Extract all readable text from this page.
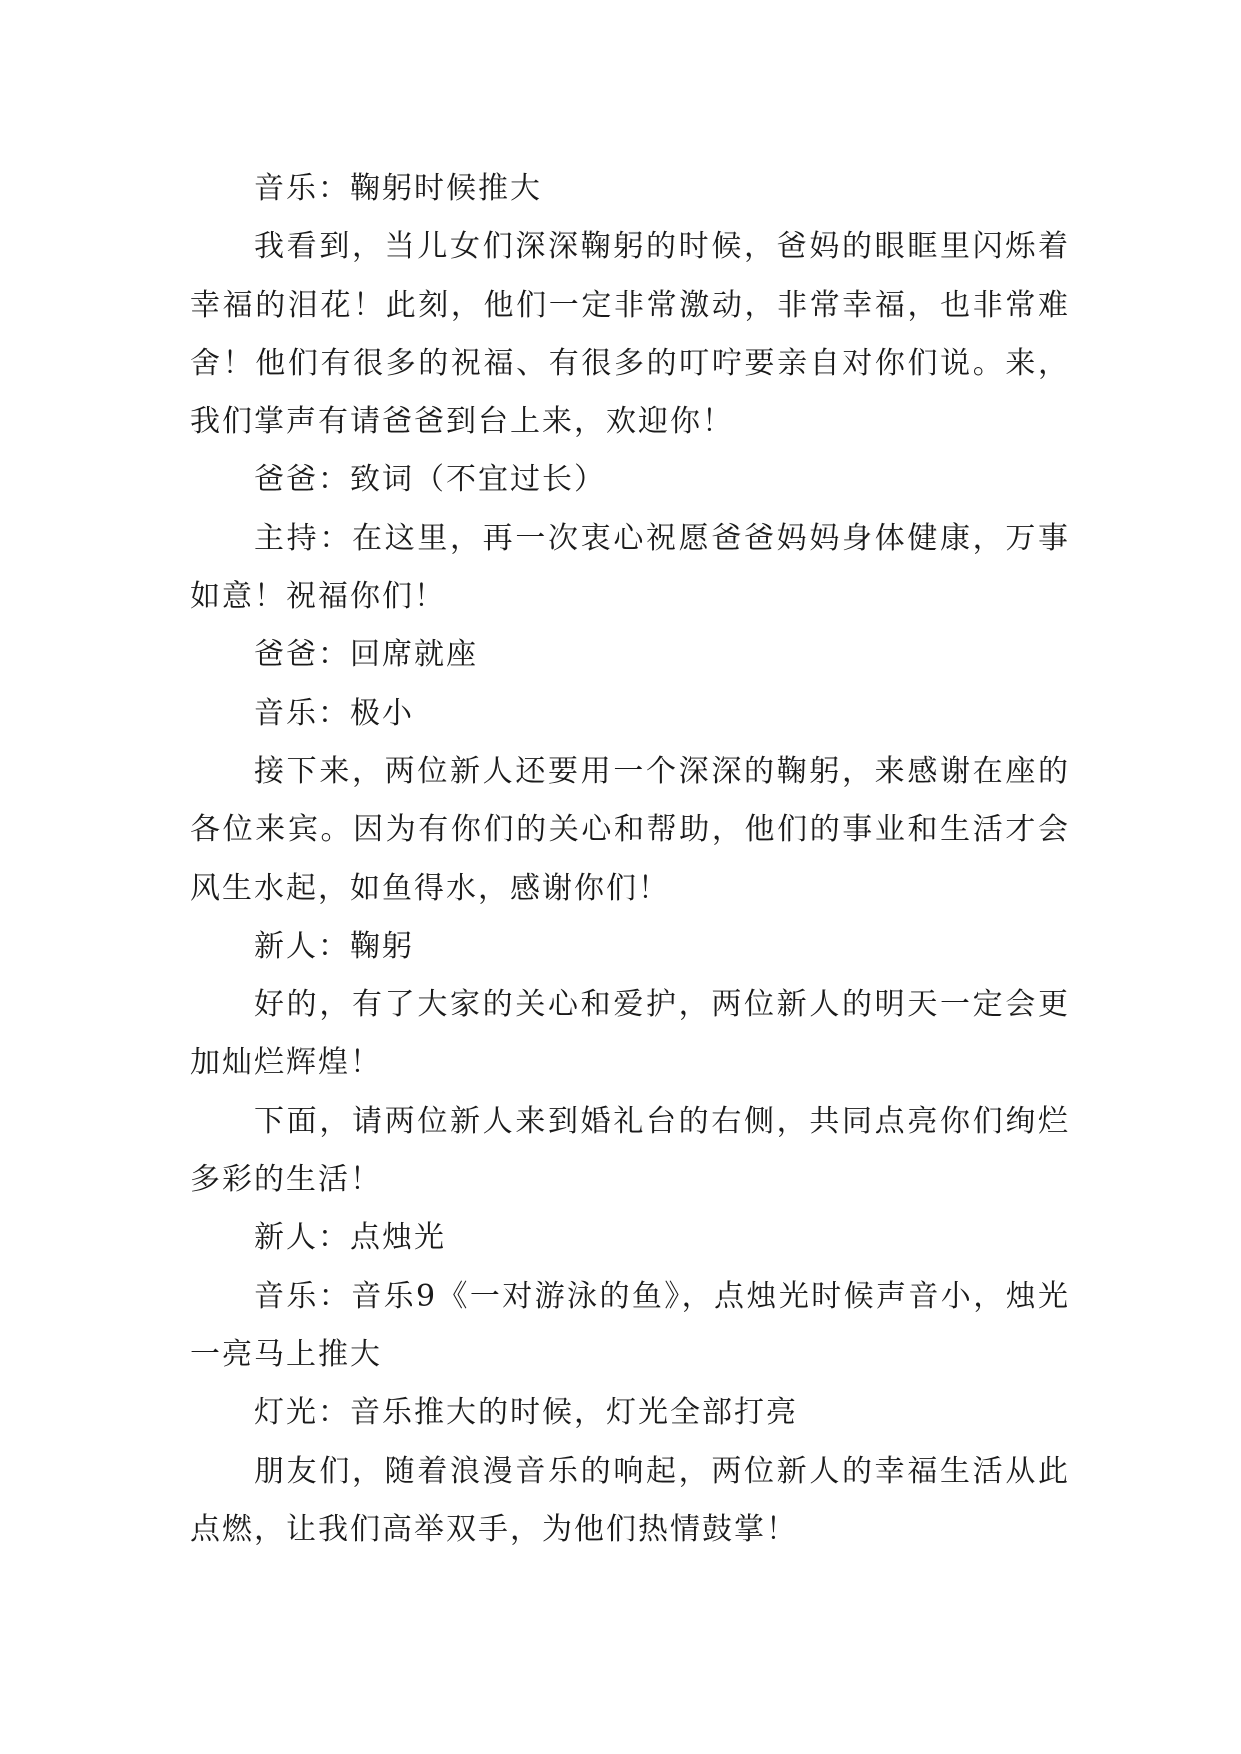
音乐：鞠躬时候推大

我看到，当儿女们深深鞠躬的时候，爸妈的眼眶里闪烁着幸福的泪花！此刻，他们一定非常激动，非常幸福，也非常难舍！他们有很多的祝福、有很多的叮咛要亲自对你们说。来，我们掌声有请爸爸到台上来，欢迎你！

爸爸：致词（不宜过长）

主持：在这里，再一次衷心祝愿爸爸妈妈身体健康，万事如意！祝福你们！

爸爸：回席就座

音乐：极小

接下来，两位新人还要用一个深深的鞠躬，来感谢在座的各位来宾。因为有你们的关心和帮助，他们的事业和生活才会风生水起，如鱼得水，感谢你们！

新人：鞠躬

好的，有了大家的关心和爱护，两位新人的明天一定会更加灿烂辉煌！

下面，请两位新人来到婚礼台的右侧，共同点亮你们绚烂多彩的生活！

新人：点烛光

音乐：音乐9《一对游泳的鱼》，点烛光时候声音小，烛光一亮马上推大

灯光：音乐推大的时候，灯光全部打亮

朋友们，随着浪漫音乐的响起，两位新人的幸福生活从此点燃，让我们高举双手，为他们热情鼓掌！
